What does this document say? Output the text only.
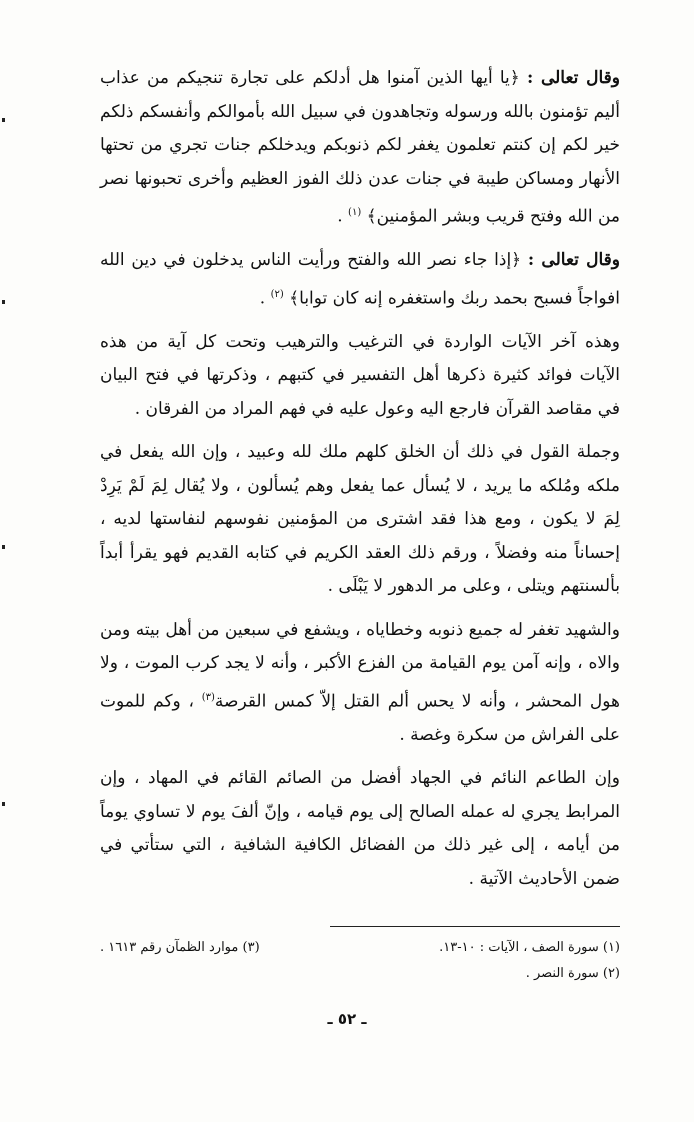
وقال تعالى : ﴿يا أيها الذين آمنوا هل أدلكم على تجارة تنجيكم من عذاب أليم تؤمنون بالله ورسوله وتجاهدون في سبيل الله بأموالكم وأنفسكم ذلكم خير لكم إن كنتم تعلمون يغفر لكم ذنوبكم ويدخلكم جنات تجري من تحتها الأنهار ومساكن طيبة في جنات عدن ذلك الفوز العظيم وأخرى تحبونها نصر من الله وفتح قريب وبشر المؤمنين﴾ $^{(١)}$ .

وقال تعالى : ﴿إذا جاء نصر الله والفتح ورأيت الناس يدخلون في دين الله افواجاً فسبح بحمد ربك واستغفره إنه كان توابا﴾ $^{(٢)}$ .

وهذه آخر الآيات الواردة في الترغيب والترهيب وتحت كل آية من هذه الآيات فوائد كثيرة ذكرها أهل التفسير في كتبهم ، وذكرتها في فتح البيان في مقاصد القرآن فارجع اليه وعول عليه في فهم المراد من الفرقان .

وجملة القول في ذلك أن الخلق كلهم ملك لله وعبيد ، وإن الله يفعل في ملكه ومُلكه ما يريد ، لا يُسأل عما يفعل وهم يُسألون ، ولا يُقال لِمَ لَمْ يَرِدْ لِمَ لا يكون ، ومع هذا فقد اشترى من المؤمنين نفوسهم لنفاستها لديه ، إحساناً منه وفضلاً ، ورقم ذلك العقد الكريم في كتابه القديم فهو يقرأ أبداً بألسنتهم ويتلى ، وعلى مر الدهور لا يَبْلَى .

والشهيد تغفر له جميع ذنوبه وخطاياه ، ويشفع في سبعين من أهل بيته ومن والاه ، وإنه آمن يوم القيامة من الفزع الأكبر ، وأنه لا يجد كرب الموت ، ولا هول المحشر ، وأنه لا يحس ألم القتل إلاّ كمس القرصة$^{(٣)}$ ، وكم للموت على الفراش من سكرة وغصة .

وإن الطاعم النائم في الجهاد أفضل من الصائم القائم في المهاد ، وإن المرابط يجري له عمله الصالح إلى يوم قيامه ، وإنّ ألفَ يوم لا تساوي يوماً من أيامه ، إلى غير ذلك من الفضائل الكافية الشافية ، التي ستأتي في ضمن الأحاديث الآتية .

(١) سورة الصف ، الآيات : ١٠-١٣.
(٣) موارد الظمآن رقم ١٦١٣ .
(٢) سورة النصر .
ـ ٥٢ ـ
